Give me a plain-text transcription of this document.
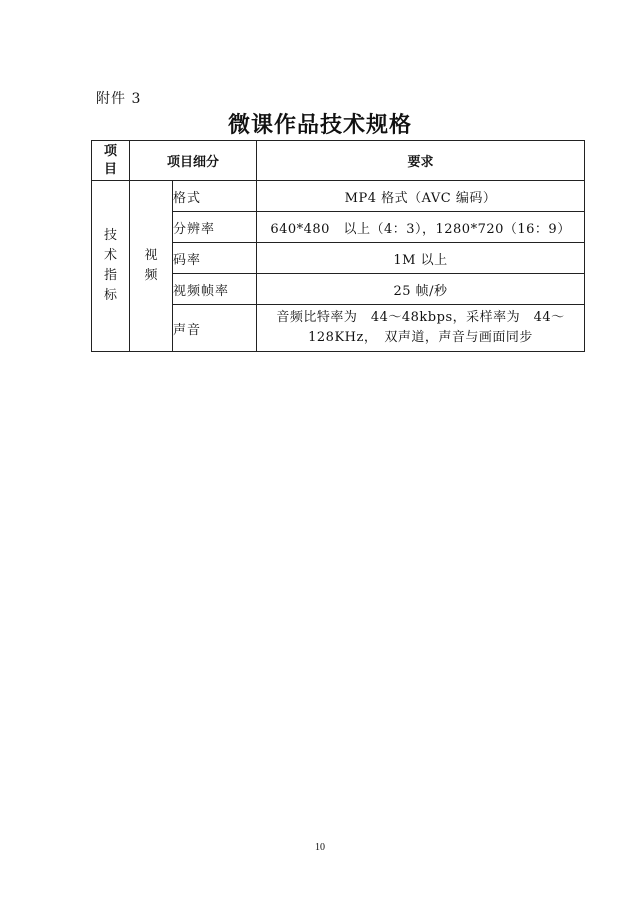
附件 3
微课作品技术规格
项目	项目细分		要求

技术指标	视频	格式	MP4 格式（AVC 编码）
		分辨率	640*480　以上（4：3），1280*720（16：9）
		码率	1M 以上
		视频帧率	25 帧/秒
		声音	音频比特率为　44～48kbps，采样率为　44～128KHz，　双声道，声音与画面同步
10
